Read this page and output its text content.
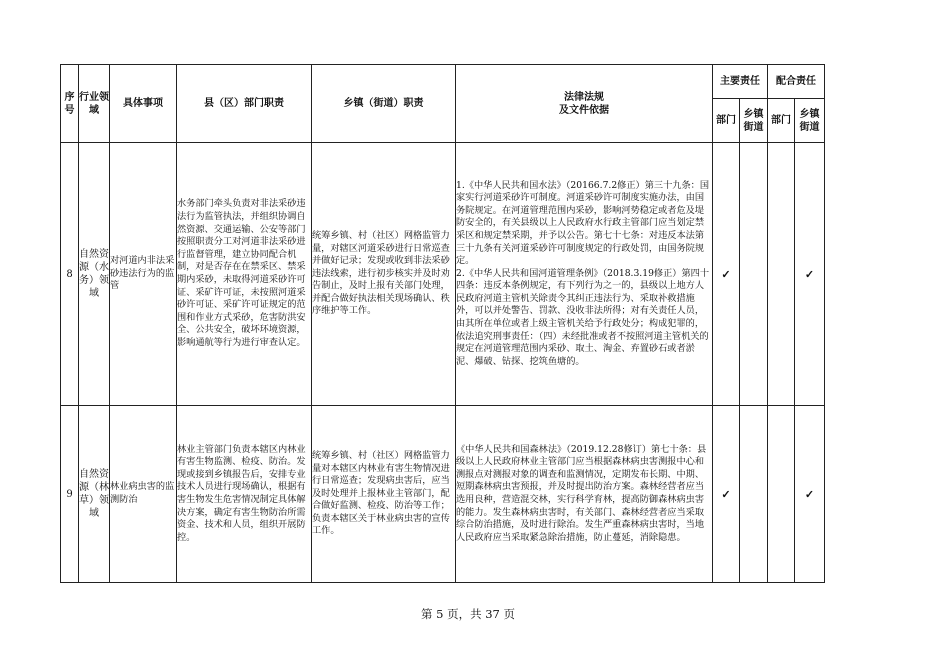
序号	行业领域	具体事项	县（区）部门职责	乡镇（街道）职责	法律法规
及文件依据	主要责任		配合责任	
						部门	乡镇街道	部门	乡镇街道
8	自然资源（水务）领域	对河道内非法采砂违法行为的监管	水务部门牵头负责对非法采砂违法行为监管执法，并组织协调自然资源、交通运输、公安等部门按照职责分工对河道非法采砂进行监督管理，建立协同配合机制，对是否存在在禁采区、禁采期内采砂，未取得河道采砂许可证、采矿许可证，未按照河道采砂许可证、采矿许可证规定的范围和作业方式采砂，危害防洪安全、公共安全，破坏环境资源，影响通航等行为进行审查认定。	统筹乡镇、村（社区）网格监管力量，对辖区河道采砂进行日常巡查并做好记录；发现或收到非法采砂违法线索，进行初步核实并及时劝告制止，及时上报有关部门处理，并配合做好执法相关现场确认、秩序维护等工作。	1.《中华人民共和国水法》（20166.7.2修正）第三十九条：国家实行河道采砂许可制度。河道采砂许可制度实施办法，由国务院规定。在河道管理范围内采砂，影响河势稳定或者危及堤防安全的，有关县级以上人民政府水行政主管部门应当划定禁采区和规定禁采期，并予以公告。第七十七条：对违反本法第三十九条有关河道采砂许可制度规定的行政处罚，由国务院规定。
2.《中华人民共和国河道管理条例》（2018.3.19修正）第四十四条：违反本条例规定，有下列行为之一的，县级以上地方人民政府河道主管机关除责令其纠正违法行为、采取补救措施外，可以并处警告、罚款、没收非法所得；对有关责任人员，由其所在单位或者上级主管机关给予行政处分；构成犯罪的，依法追究刑事责任：（四）未经批准或者不按照河道主管机关的规定在河道管理范围内采砂、取土、淘金、弃置砂石或者淤泥、爆破、钻探、挖筑鱼塘的。	✓			✓
9	自然资源（林草）领域	林业病虫害的监测防治	林业主管部门负责本辖区内林业有害生物监测、检疫、防治。发现或接到乡镇报告后，安排专业技术人员进行现场确认，根据有害生物发生危害情况制定具体解决方案，确定有害生物防治所需资金、技术和人员，组织开展防控。	统筹乡镇、村（社区）网格监管力量对本辖区内林业有害生物情况进行日常巡查；发现病虫害后，应当及时处理并上报林业主管部门，配合做好监测、检疫、防治等工作；负责本辖区关于林业病虫害的宣传工作。	《中华人民共和国森林法》（2019.12.28修订）第七十条：县级以上人民政府林业主管部门应当根据森林病虫害测报中心和测报点对测报对象的调查和监测情况，定期发布长期、中期、短期森林病虫害预报，并及时提出防治方案。森林经营者应当选用良种，营造混交林，实行科学育林，提高防御森林病虫害的能力。发生森林病虫害时，有关部门、森林经营者应当采取综合防治措施，及时进行除治。发生严重森林病虫害时，当地人民政府应当采取紧急除治措施，防止蔓延，消除隐患。	✓			✓
第 5 页，共 37 页
